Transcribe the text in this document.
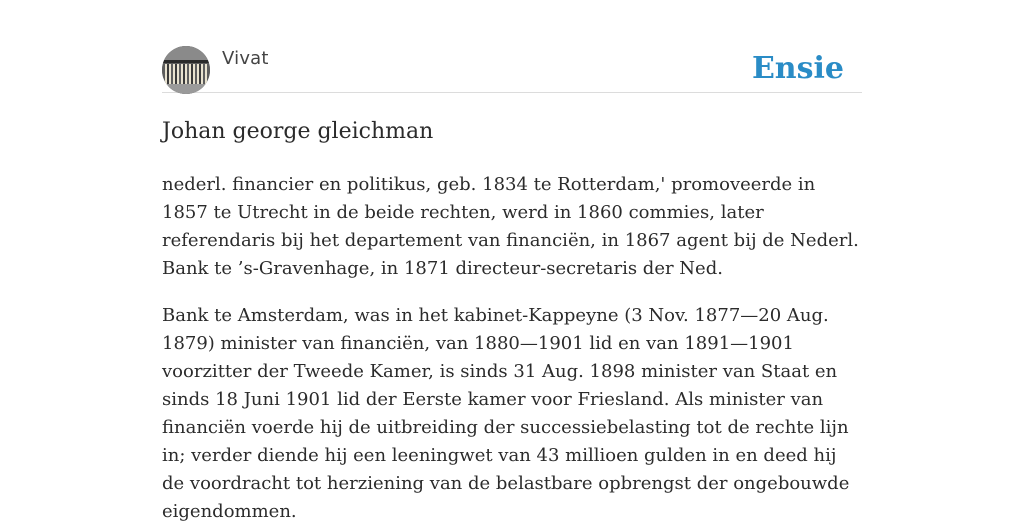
Vivat	Ensie
Johan george gleichman

nederl. financier en politikus, geb. 1834 te Rotterdam,' promoveerde in 1857 te Utrecht in de beide rechten, werd in 1860 commies, later referendaris bij het departement van financiën, in 1867 agent bij de Nederl. Bank te ’s-Gravenhage, in 1871 directeur-secretaris der Ned.

Bank te Amsterdam, was in het kabinet-Kappeyne (3 Nov. 1877—20 Aug. 1879) minister van financiën, van 1880—1901 lid en van 1891—1901 voorzitter der Tweede Kamer, is sinds 31 Aug. 1898 minister van Staat en sinds 18 Juni 1901 lid der Eerste kamer voor Friesland. Als minister van financiën voerde hij de uitbreiding der successiebelasting tot de rechte lijn in; verder diende hij een leeningwet van 43 millioen gulden in en deed hij de voordracht tot herziening van de belastbare opbrengst der ongebouwde eigendommen.
